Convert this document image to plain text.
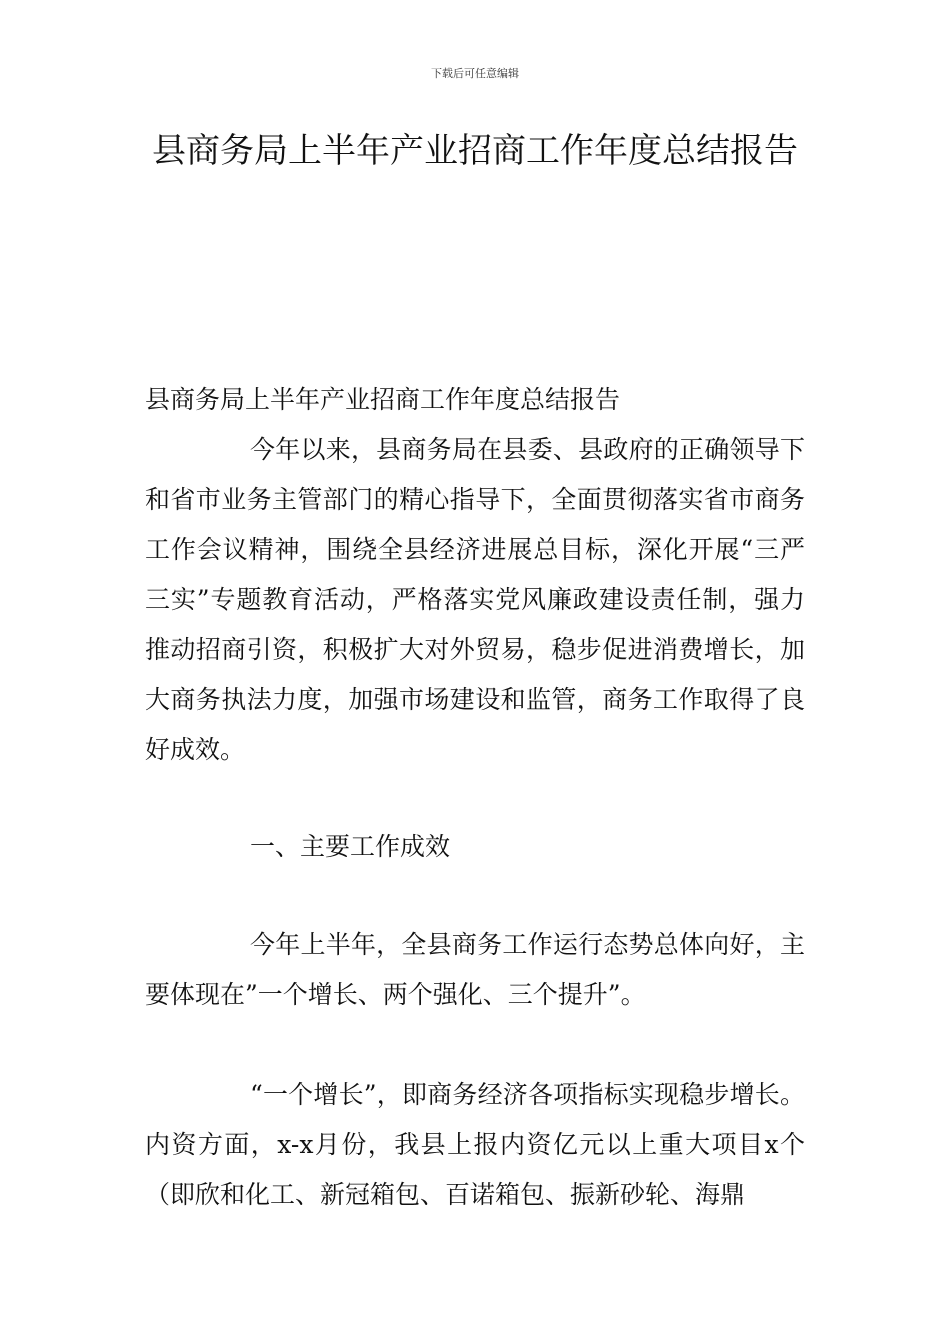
下载后可任意编辑
县商务局上半年产业招商工作年度总结报告

县商务局上半年产业招商工作年度总结报告

今年以来，县商务局在县委、县政府的正确领导下和省市业务主管部门的精心指导下，全面贯彻落实省市商务工作会议精神，围绕全县经济进展总目标，深化开展“三严三实”专题教育活动，严格落实党风廉政建设责任制，强力推动招商引资，积极扩大对外贸易，稳步促进消费增长，加大商务执法力度，加强市场建设和监管，商务工作取得了良好成效。

一、主要工作成效

今年上半年，全县商务工作运行态势总体向好，主要体现在”一个增长、两个强化、三个提升”。

“一个增长”，即商务经济各项指标实现稳步增长。内资方面，x-x月份，我县上报内资亿元以上重大项目x个（即欣和化工、新冠箱包、百诺箱包、振新砂轮、海鼎
